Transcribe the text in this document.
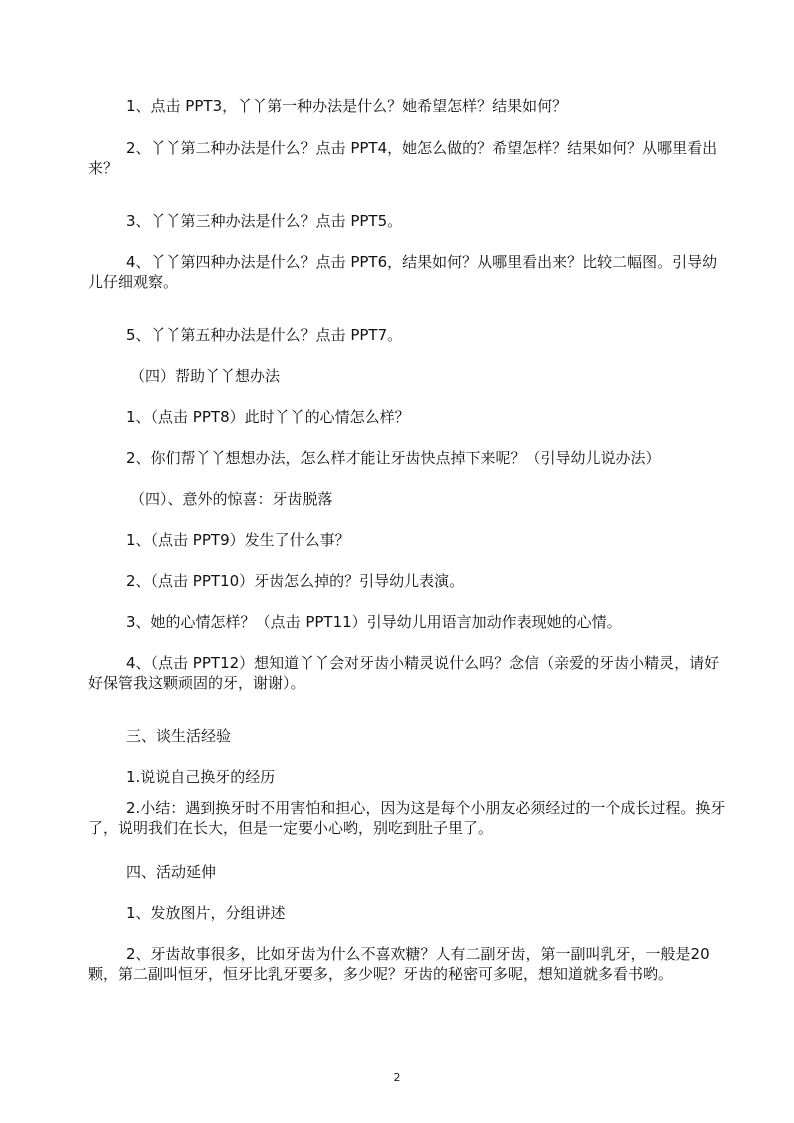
1、点击 PPT3，丫丫第一种办法是什么？她希望怎样？结果如何？

2、丫丫第二种办法是什么？点击 PPT4，她怎么做的？希望怎样？结果如何？从哪里看出来？

3、丫丫第三种办法是什么？点击 PPT5。

4、丫丫第四种办法是什么？点击 PPT6，结果如何？从哪里看出来？比较二幅图。引导幼儿仔细观察。

5、丫丫第五种办法是什么？点击 PPT7。

（四）帮助丫丫想办法

1、（点击 PPT8）此时丫丫的心情怎么样？

2、你们帮丫丫想想办法，怎么样才能让牙齿快点掉下来呢？（引导幼儿说办法）

（四）、意外的惊喜：牙齿脱落

1、（点击 PPT9）发生了什么事？

2、（点击 PPT10）牙齿怎么掉的？引导幼儿表演。

3、她的心情怎样？（点击 PPT11）引导幼儿用语言加动作表现她的心情。

4、（点击 PPT12）想知道丫丫会对牙齿小精灵说什么吗？念信（亲爱的牙齿小精灵，请好好保管我这颗顽固的牙，谢谢）。

三、谈生活经验

1.说说自己换牙的经历

2.小结：遇到换牙时不用害怕和担心，因为这是每个小朋友必须经过的一个成长过程。换牙了，说明我们在长大，但是一定要小心哟，别吃到肚子里了。

四、活动延伸

1、发放图片，分组讲述

2、牙齿故事很多，比如牙齿为什么不喜欢糖？人有二副牙齿，第一副叫乳牙，一般是20颗，第二副叫恒牙，恒牙比乳牙要多，多少呢？牙齿的秘密可多呢，想知道就多看书哟。

2
